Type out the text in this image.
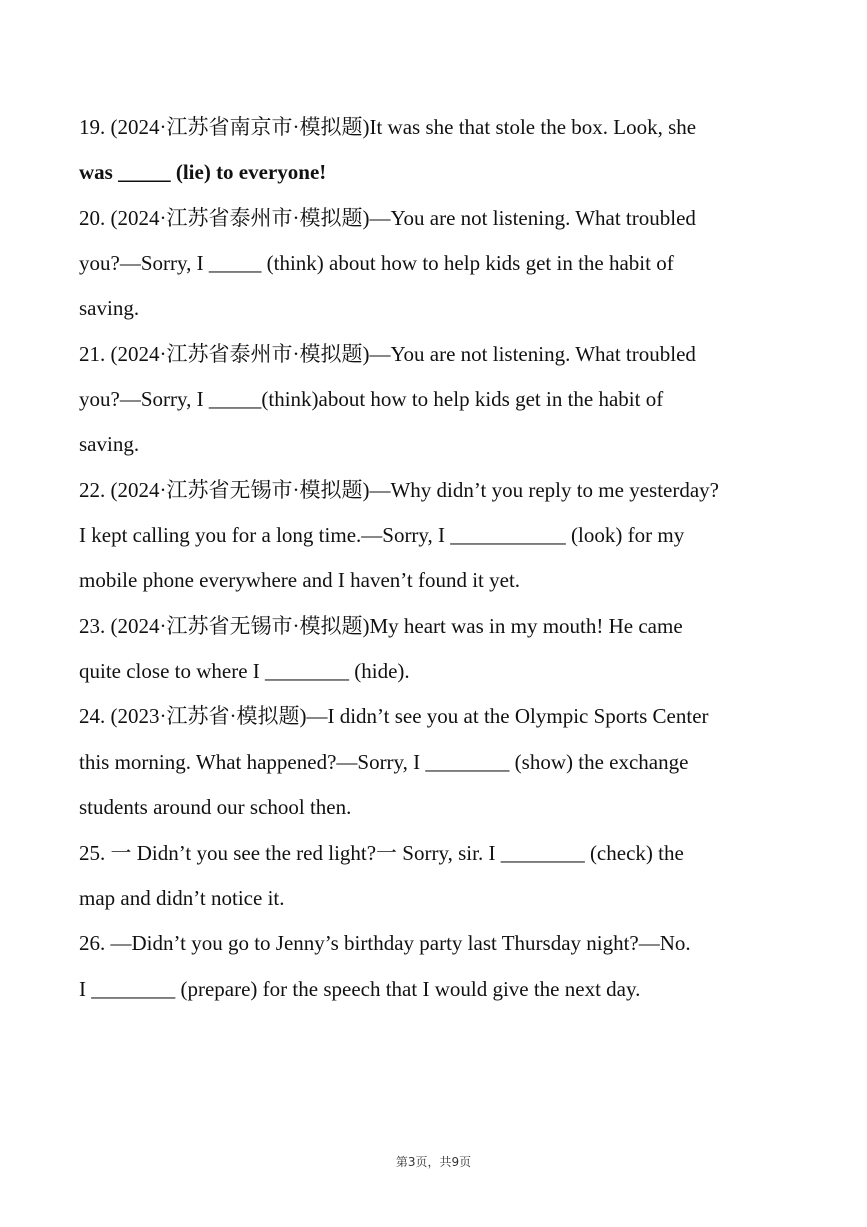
19. (2024·江苏省南京市·模拟题)It was she that stole the box. Look, she
was _____ (lie) to everyone!
20. (2024·江苏省泰州市·模拟题)—You are not listening. What troubled
you?—Sorry, I _____ (think) about how to help kids get in the habit of
saving.
21. (2024·江苏省泰州市·模拟题)—You are not listening. What troubled
you?—Sorry, I _____(think)about how to help kids get in the habit of
saving.
22. (2024·江苏省无锡市·模拟题)—Why didn’t you reply to me yesterday?
I kept calling you for a long time.—Sorry, I ___________ (look) for my
mobile phone everywhere and I haven’t found it yet.
23. (2024·江苏省无锡市·模拟题)My heart was in my mouth! He came
quite close to where I ________ (hide).
24. (2023·江苏省·模拟题)—I didn’t see you at the Olympic Sports Center
this morning. What happened?—Sorry, I ________ (show) the exchange
students around our school then.
25. 一 Didn’t you see the red light?一 Sorry, sir. I ________ (check) the
map and didn’t notice it.
26. —Didn’t you go to Jenny’s birthday party last Thursday night?—No.
I ________ (prepare) for the speech that I would give the next day.
第3页，共9页
